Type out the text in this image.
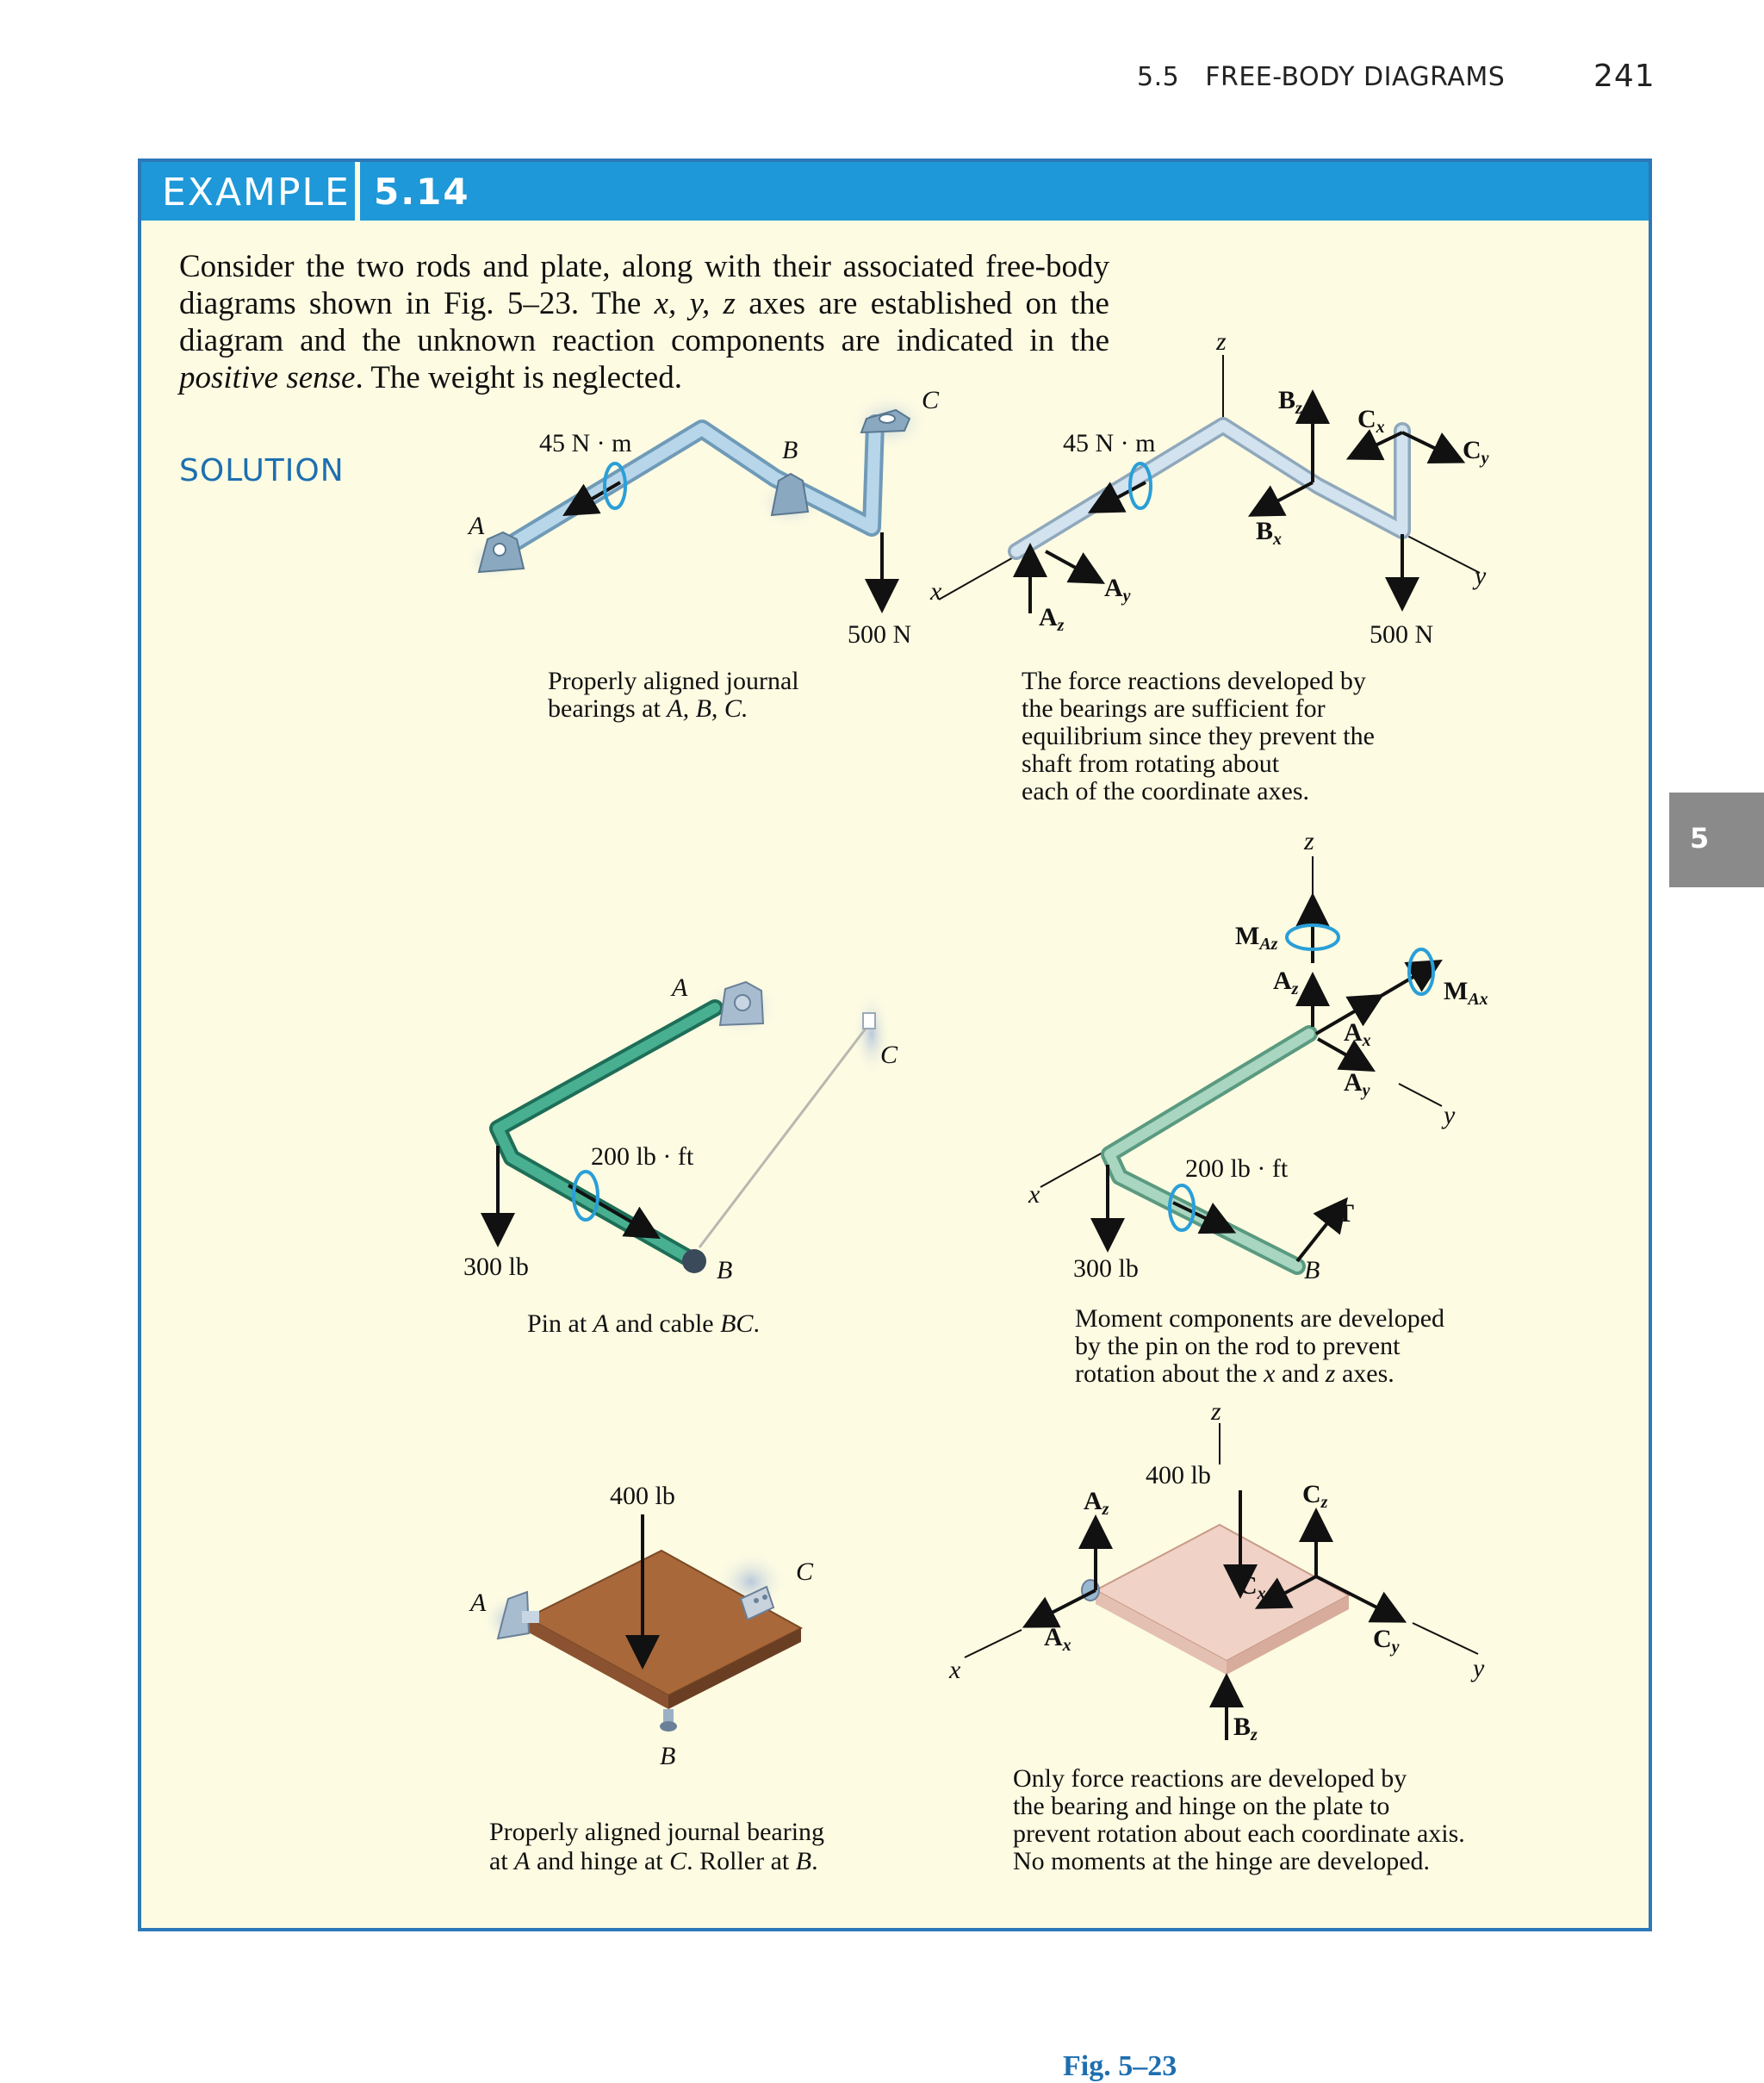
5.5 FREE-BODY DIAGRAMS	241
EXAMPLE 5.14
Consider the two rods and plate, along with their associated free-body diagrams shown in Fig. 5–23. The x, y, z axes are established on the diagram and the unknown reaction components are indicated in the positive sense. The weight is neglected.
SOLUTION
Fig. 5–23
5
45 N · m
A
B
C
500 N
Properly aligned journal bearings at A, B, C.
z
x
y
45 N · m
500 N
$A_z$
$A_y$
$B_z$
$B_x$
$C_x$
$C_y$
The force reactions developed by the bearings are sufficient for equilibrium since they prevent the shaft from rotating about each of the coordinate axes.
A
C
B
200 lb · ft
300 lb
Pin at A and cable BC.
z
x
y
$M_{Az}$
$M_{Ax}$
$A_z$
$A_x$
$A_y$
200 lb · ft
300 lb
T
B
Moment components are developed by the pin on the rod to prevent rotation about the x and z axes.
400 lb
A
C
B
Properly aligned journal bearing at A and hinge at C. Roller at B.
z
x	y
400 lb
$A_z$
$A_x$
$C_z$
$C_x$
$C_y$
$B_z$
Only force reactions are developed by the bearing and hinge on the plate to prevent rotation about each coordinate axis. No moments at the hinge are developed.
